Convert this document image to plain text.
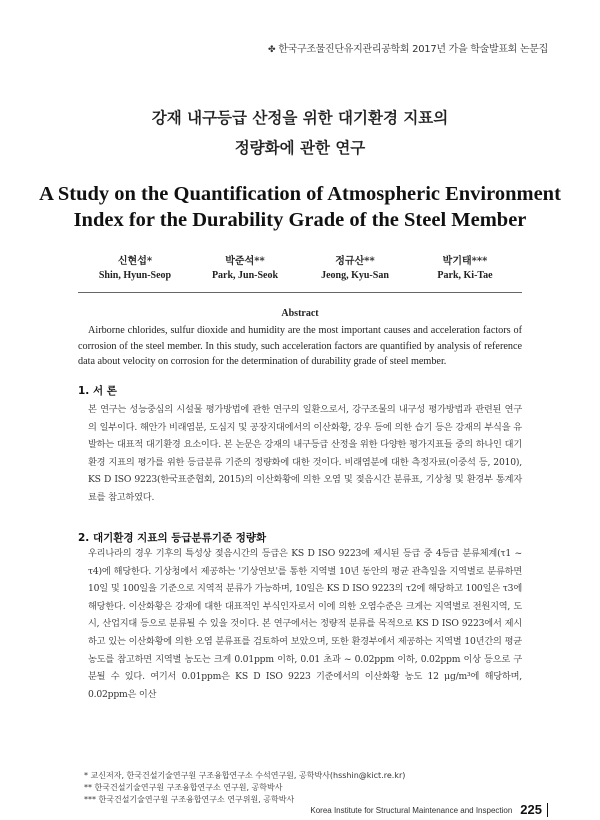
✤ 한국구조물진단유지관리공학회 2017년 가을 학술발표회 논문집
강재 내구등급 산정을 위한 대기환경 지표의
정량화에 관한 연구
A Study on the Quantification of Atmospheric Environment
Index for the Durability Grade of the Steel Member
신현섭*
Shin, Hyun-Seop
박준석**
Park, Jun-Seok
정규산**
Jeong, Kyu-San
박기태***
Park, Ki-Tae
Abstract
Airborne chlorides, sulfur dioxide and humidity are the most important causes and acceleration factors of corrosion of the steel member. In this study, such acceleration factors are quantified by analysis of reference data about velocity on corrosion for the determination of durability grade of steel member.
1. 서 론
본 연구는 성능중심의 시설물 평가방법에 관한 연구의 일환으로서, 강구조물의 내구성 평가방법과 관련된 연구의 일부이다. 해안가 비래염분, 도심지 및 공장지대에서의 이산화황, 강우 등에 의한 습기 등은 강재의 부식을 유발하는 대표적 대기환경 요소이다. 본 논문은 강재의 내구등급 산정을 위한 다양한 평가지표들 중의 하나인 대기환경 지표의 평가를 위한 등급분류 기준의 정량화에 대한 것이다. 비래염분에 대한 측정자료(이중석 등, 2010), KS D ISO 9223(한국표준협회, 2015)의 이산화황에 의한 오염 및 젖음시간 분류표, 기상청 및 환경부 통계자료를 참고하였다.
2. 대기환경 지표의 등급분류기준 정량화
우리나라의 경우 기후의 특성상 젖음시간의 등급은 KS D ISO 9223에 제시된 등급 중 4등급 분류체계(τ1 ~ τ4)에 해당한다. 기상청에서 제공하는 '기상연보'를 통한 지역별 10년 동안의 평균 관측일을 지역별로 분류하면 10일 및 100일을 기준으로 지역적 분류가 가능하며, 10일은 KS D ISO 9223의 τ2에 해당하고 100일은 τ3에 해당한다. 이산화황은 강재에 대한 대표적인 부식인자로서 이에 의한 오염수준은 크게는 지역별로 전원지역, 도시, 산업지대 등으로 분류될 수 있을 것이다. 본 연구에서는 정량적 분류를 목적으로 KS D ISO 9223에서 제시하고 있는 이산화황에 의한 오염 분류표를 검토하여 보았으며, 또한 환경부에서 제공하는 지역별 10년간의 평균농도를 참고하면 지역별 농도는 크게 0.01ppm 이하, 0.01 초과 ~ 0.02ppm 이하, 0.02ppm 이상 등으로 구분될 수 있다. 여기서 0.01ppm은 KS D ISO 9223 기준에서의 이산화황 농도 12 μg/m³에 해당하며, 0.02ppm은 이산
* 교신저자, 한국건설기술연구원 구조융합연구소 수석연구원, 공학박사(hsshin@kict.re.kr)
** 한국건설기술연구원 구조융합연구소 연구원, 공학박사
*** 한국건설기술연구원 구조융합연구소 연구위원, 공학박사
Korea Institute for Structural Maintenance and Inspection 225
